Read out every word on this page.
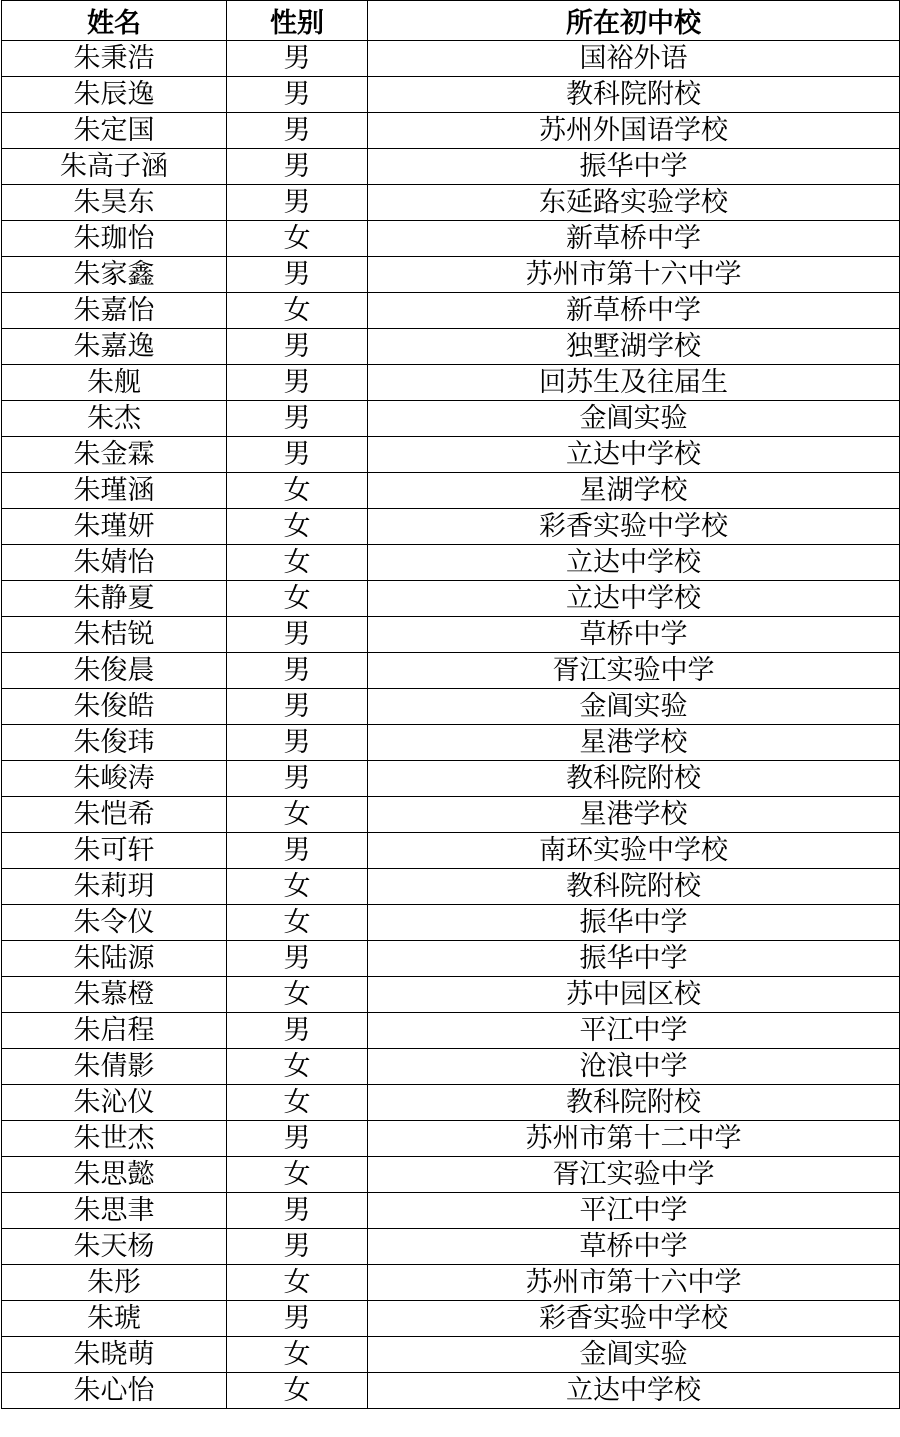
姓名	性别	所在初中校
朱秉浩	男	国裕外语
朱辰逸	男	教科院附校
朱定国	男	苏州外国语学校
朱高子涵	男	振华中学
朱昊东	男	东延路实验学校
朱珈怡	女	新草桥中学
朱家鑫	男	苏州市第十六中学
朱嘉怡	女	新草桥中学
朱嘉逸	男	独墅湖学校
朱舰	男	回苏生及往届生
朱杰	男	金阊实验
朱金霖	男	立达中学校
朱瑾涵	女	星湖学校
朱瑾妍	女	彩香实验中学校
朱婧怡	女	立达中学校
朱静夏	女	立达中学校
朱桔锐	男	草桥中学
朱俊晨	男	胥江实验中学
朱俊皓	男	金阊实验
朱俊玮	男	星港学校
朱峻涛	男	教科院附校
朱恺希	女	星港学校
朱可轩	男	南环实验中学校
朱莉玥	女	教科院附校
朱令仪	女	振华中学
朱陆源	男	振华中学
朱慕橙	女	苏中园区校
朱启程	男	平江中学
朱倩影	女	沧浪中学
朱沁仪	女	教科院附校
朱世杰	男	苏州市第十二中学
朱思懿	女	胥江实验中学
朱思聿	男	平江中学
朱天杨	男	草桥中学
朱彤	女	苏州市第十六中学
朱琥	男	彩香实验中学校
朱晓萌	女	金阊实验
朱心怡	女	立达中学校
